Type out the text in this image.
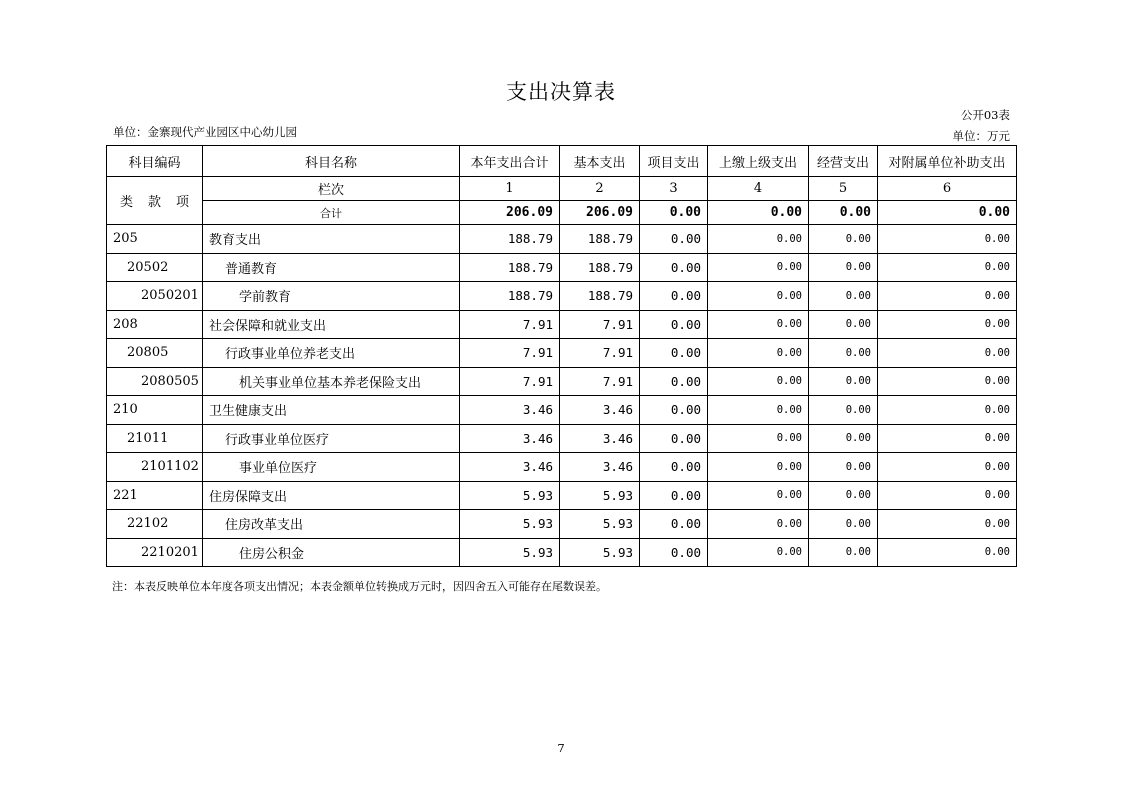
支出决算表
公开03表
单位：金寨现代产业园区中心幼儿园	单位：万元
科目编码	科目名称	本年支出合计	基本支出	项目支出	上缴上级支出	经营支出	对附属单位补助支出
类 款 项	栏次	1	2	3	4	5	6
	合计	206.09	206.09	0.00	0.00	0.00	0.00
205	教育支出	188.79	188.79	0.00	0.00	0.00	0.00
20502	普通教育	188.79	188.79	0.00	0.00	0.00	0.00
2050201	学前教育	188.79	188.79	0.00	0.00	0.00	0.00
208	社会保障和就业支出	7.91	7.91	0.00	0.00	0.00	0.00
20805	行政事业单位养老支出	7.91	7.91	0.00	0.00	0.00	0.00
2080505	机关事业单位基本养老保险支出	7.91	7.91	0.00	0.00	0.00	0.00
210	卫生健康支出	3.46	3.46	0.00	0.00	0.00	0.00
21011	行政事业单位医疗	3.46	3.46	0.00	0.00	0.00	0.00
2101102	事业单位医疗	3.46	3.46	0.00	0.00	0.00	0.00
221	住房保障支出	5.93	5.93	0.00	0.00	0.00	0.00
22102	住房改革支出	5.93	5.93	0.00	0.00	0.00	0.00
2210201	住房公积金	5.93	5.93	0.00	0.00	0.00	0.00
注：本表反映单位本年度各项支出情况；本表金额单位转换成万元时，因四舍五入可能存在尾数误差。
7
